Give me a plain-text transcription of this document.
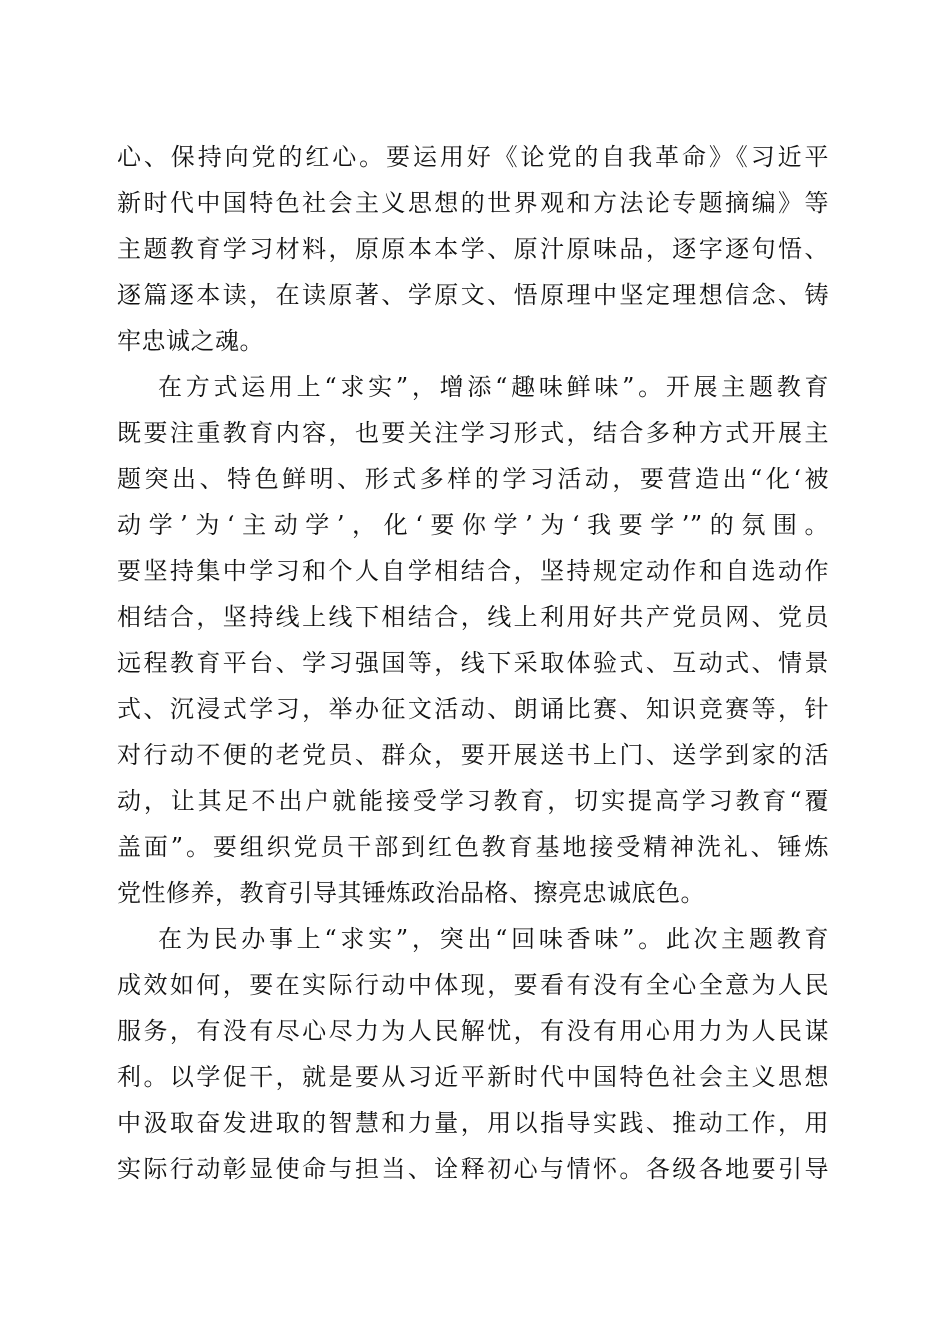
心、保持向党的红心。要运用好《论党的自我革命》《习近平
新时代中国特色社会主义思想的世界观和方法论专题摘编》等
主题教育学习材料，原原本本学、原汁原味品，逐字逐句悟、
逐篇逐本读，在读原著、学原文、悟原理中坚定理想信念、铸
牢忠诚之魂。
在方式运用上“求实”，增添“趣味鲜味”。开展主题教育
既要注重教育内容，也要关注学习形式，结合多种方式开展主
题突出、特色鲜明、形式多样的学习活动，要营造出“化‘被
动学’为‘主动学’，化‘要你学’为‘我要学’”的氛围。
要坚持集中学习和个人自学相结合，坚持规定动作和自选动作
相结合，坚持线上线下相结合，线上利用好共产党员网、党员
远程教育平台、学习强国等，线下采取体验式、互动式、情景
式、沉浸式学习，举办征文活动、朗诵比赛、知识竞赛等，针
对行动不便的老党员、群众，要开展送书上门、送学到家的活
动，让其足不出户就能接受学习教育，切实提高学习教育“覆
盖面”。要组织党员干部到红色教育基地接受精神洗礼、锤炼
党性修养，教育引导其锤炼政治品格、擦亮忠诚底色。
在为民办事上“求实”，突出“回味香味”。此次主题教育
成效如何，要在实际行动中体现，要看有没有全心全意为人民
服务，有没有尽心尽力为人民解忧，有没有用心用力为人民谋
利。以学促干，就是要从习近平新时代中国特色社会主义思想
中汲取奋发进取的智慧和力量，用以指导实践、推动工作，用
实际行动彰显使命与担当、诠释初心与情怀。各级各地要引导
